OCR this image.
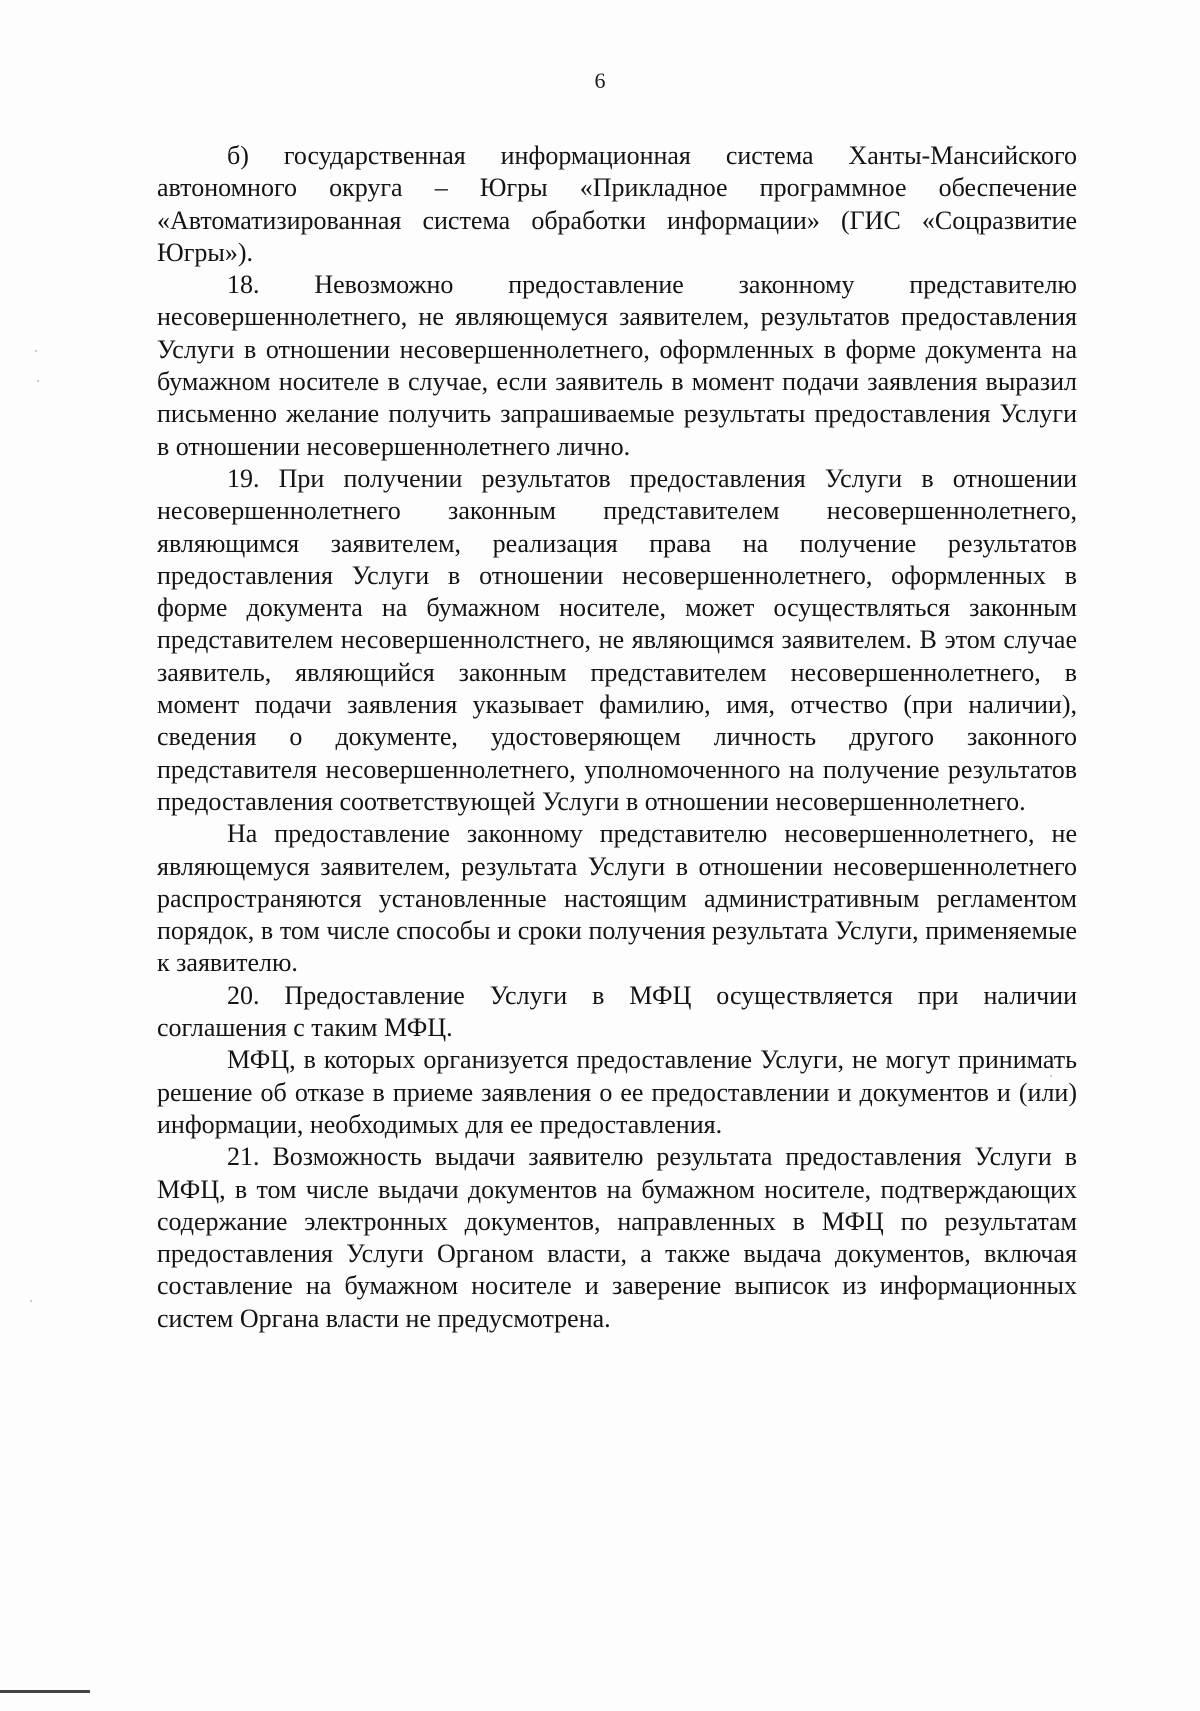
6

б) государственная информационная система Ханты-Мансийского автономного округа – Югры «Прикладное программное обеспечение «Автоматизированная система обработки информации» (ГИС «Соцразвитие Югры»).

18. Невозможно предоставление законному представителю несовершеннолетнего, не являющемуся заявителем, результатов предоставления Услуги в отношении несовершеннолетнего, оформленных в форме документа на бумажном носителе в случае, если заявитель в момент подачи заявления выразил письменно желание получить запрашиваемые результаты предоставления Услуги в отношении несовершеннолетнего лично.

19. При получении результатов предоставления Услуги в отношении несовершеннолетнего законным представителем несовершеннолетнего, являющимся заявителем, реализация права на получение результатов предоставления Услуги в отношении несовершеннолетнего, оформленных в форме документа на бумажном носителе, может осуществляться законным представителем несовершеннолстнего, не являющимся заявителем. В этом случае заявитель, являющийся законным представителем несовершеннолетнего, в момент подачи заявления указывает фамилию, имя, отчество (при наличии), сведения о документе, удостоверяющем личность другого законного представителя несовершеннолетнего, уполномоченного на получение результатов предоставления соответствующей Услуги в отношении несовершеннолетнего.

На предоставление законному представителю несовершеннолетнего, не являющемуся заявителем, результата Услуги в отношении несовершеннолетнего распространяются установленные настоящим административным регламентом порядок, в том числе способы и сроки получения результата Услуги, применяемые к заявителю.

20. Предоставление Услуги в МФЦ осуществляется при наличии соглашения с таким МФЦ.

МФЦ, в которых организуется предоставление Услуги, не могут принимать решение об отказе в приеме заявления о ее предоставлении и документов и (или) информации, необходимых для ее предоставления.

21. Возможность выдачи заявителю результата предоставления Услуги в МФЦ, в том числе выдачи документов на бумажном носителе, подтверждающих содержание электронных документов, направленных в МФЦ по результатам предоставления Услуги Органом власти, а также выдача документов, включая составление на бумажном носителе и заверение выписок из информационных систем Органа власти не предусмотрена.
